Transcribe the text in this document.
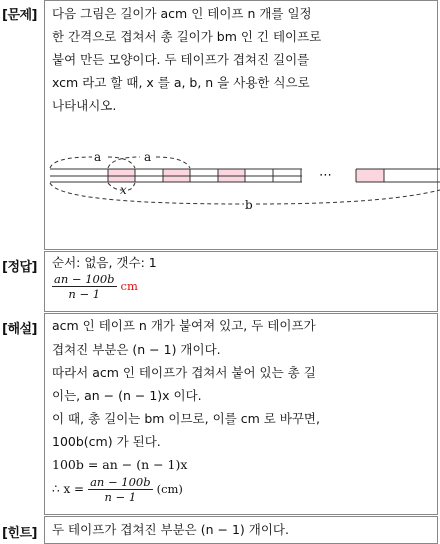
[문제]
[정답]
[해설]
[힌트]
다음 그림은 길이가 acm 인 테이프 n 개를 일정
한 간격으로 겹쳐서 총 길이가 bm 인 긴 테이프로
붙여 만든 모양이다. 두 테이프가 겹쳐진 길이를
xcm 라고 할 때, x 를 a, b, n 을 사용한 식으로
나타내시오.
a	a
x
⋯
b
순서: 없음, 갯수: 1
$\frac{an - 100b}{n - 1}$ cm
acm 인 테이프 n 개가 붙여져 있고, 두 테이프가
겹쳐진 부분은 (n − 1) 개이다.
따라서 acm 인 테이프가 겹쳐서 붙어 있는 총 길
이는, an − (n − 1)x 이다.
이 때, 총 길이는 bm 이므로, 이를 cm 로 바꾸면,
100b(cm) 가 된다.
100b = an − (n − 1)x
∴ $x = \frac{an - 100b}{n - 1} (cm)$
두 테이프가 겹쳐진 부분은 (n − 1) 개이다.
